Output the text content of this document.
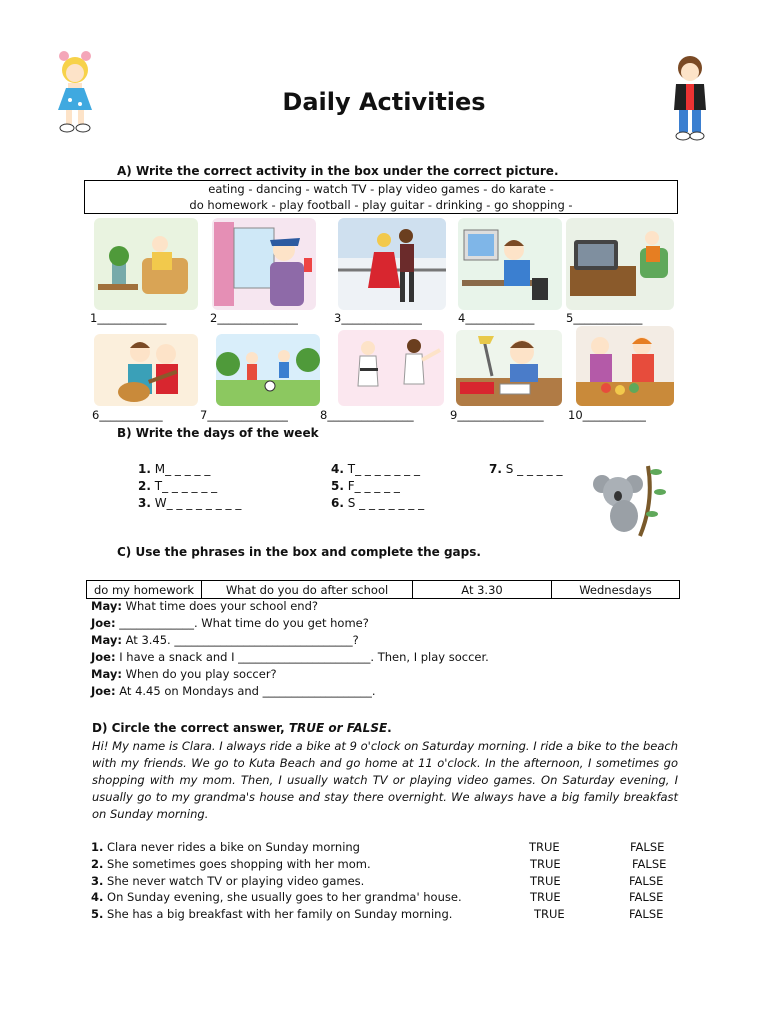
Daily Activities
A) Write the correct activity in the box under the correct picture.
eating - dancing - watch TV - play video games - do karate -
do homework - play football - play guitar - drinking - go shopping -
1____________	2______________	3______________	4____________	5____________
6___________	7______________	8_______________	9_______________ 10___________
B) Write the days of the week
1. M_ _ _ _ _
2. T_ _ _ _ _ _
3. W_ _ _ _ _ _ _ _
4. T_ _ _ _ _ _ _
5. F_ _ _ _ _
6. S _ _ _ _ _ _ _
7. S _ _ _ _ _
C) Use the phrases in the box and complete the gaps.
do my homework	What do you do after school	At 3.30	Wednesdays
May: What time does your school end?
Joe: _____________. What time do you get home?
May: At 3.45. _______________________________?
Joe: I have a snack and I _______________________. Then, I play soccer.
May: When do you play soccer?
Joe: At 4.45 on Mondays and ___________________.
D) Circle the correct answer, TRUE or FALSE.
Hi! My name is Clara. I always ride a bike at 9 o'clock on Saturday morning. I ride a bike to the beach with my friends. We go to Kuta Beach and go home at 11 o'clock. In the afternoon, I sometimes go shopping with my mom. Then, I usually watch TV or playing video games. On Saturday evening, I usually go to my grandma's house and stay there overnight. We always have a big family breakfast on Sunday morning.
1. Clara never rides a bike on Sunday morning	TRUE	FALSE
2. She sometimes goes shopping with her mom.	TRUE	FALSE
3. She never watch TV or playing video games.	TRUE	FALSE
4. On Sunday evening, she usually goes to her grandma' house.	TRUE	FALSE
5. She has a big breakfast with her family on Sunday morning.	TRUE	FALSE
